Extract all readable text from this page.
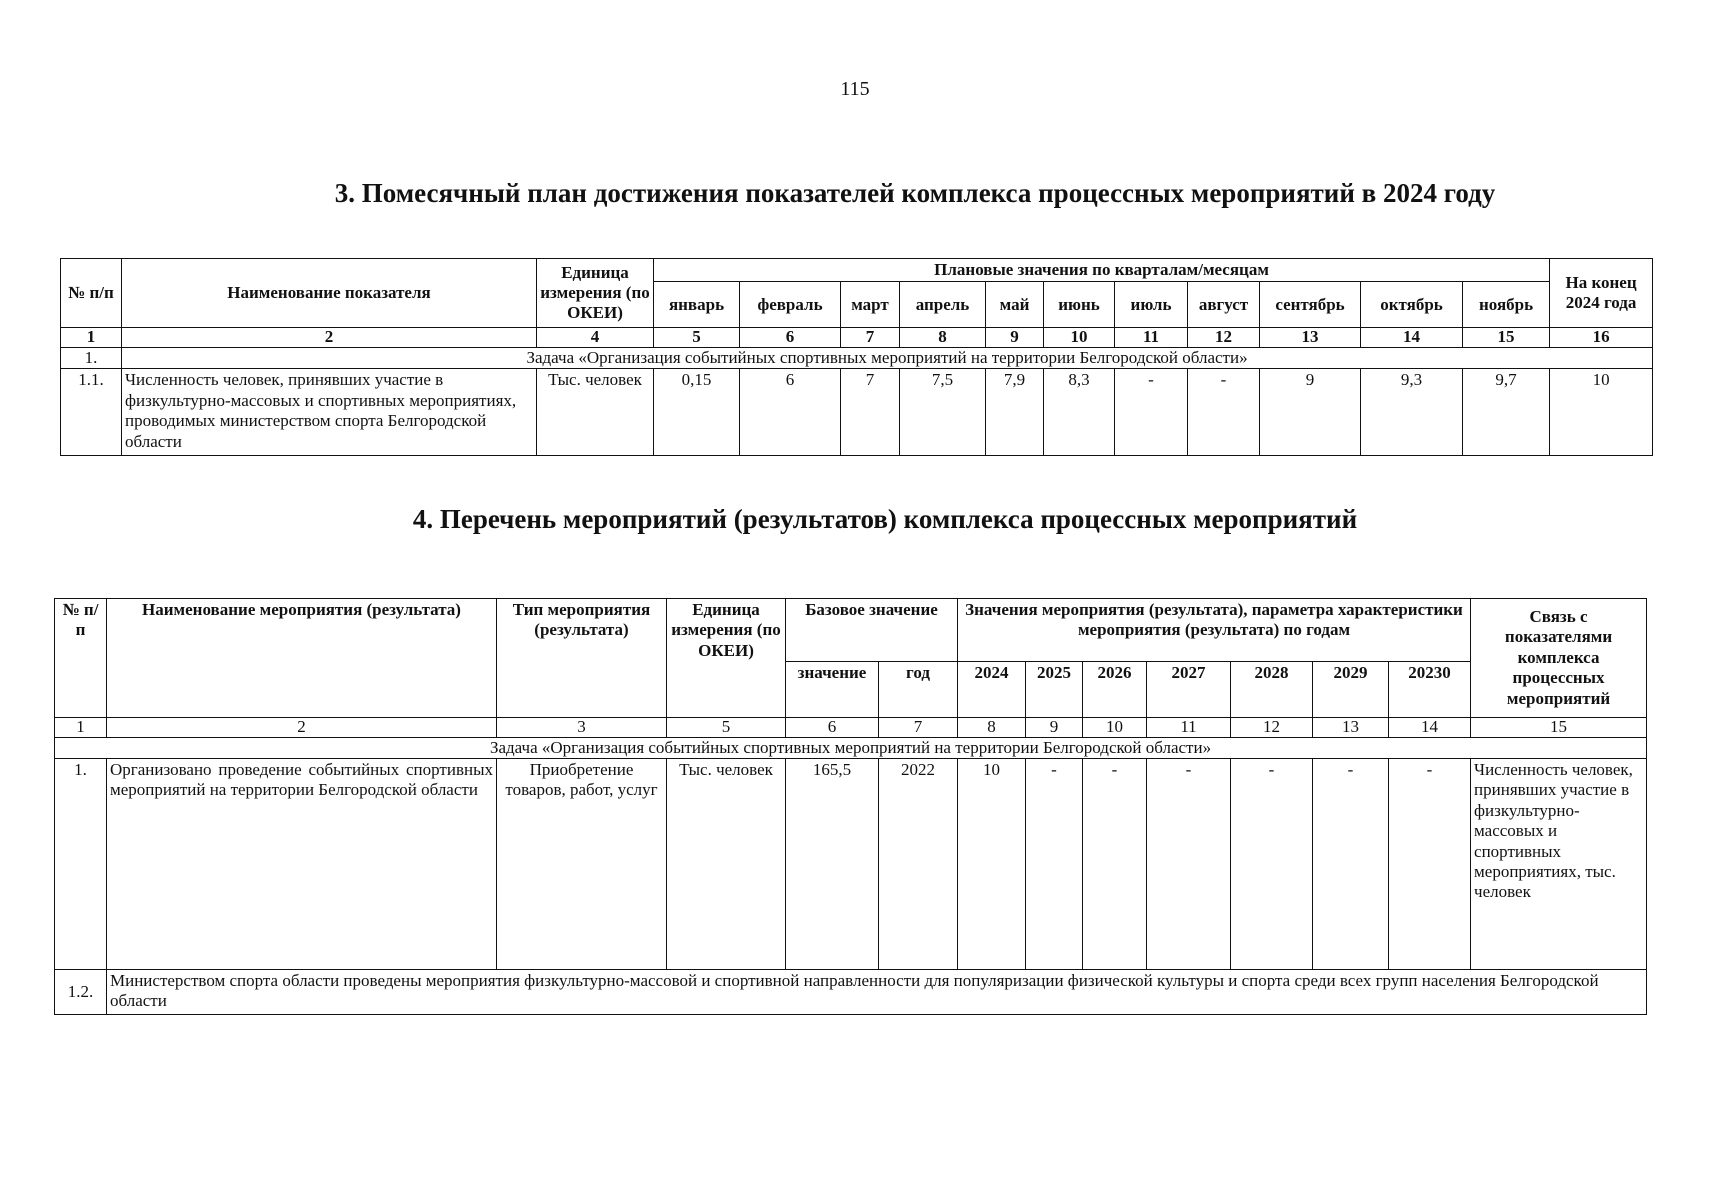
115
3. Помесячный план достижения показателей комплекса процессных мероприятий в 2024 году
№ п/п	Наименование показателя	Единица измерения (по ОКЕИ)	Плановые значения по кварталам/месяцам											На конец 2024 года
			январь	февраль	март	апрель	май	июнь	июль	август	сентябрь	октябрь	ноябрь	
1	2	4	5	6	7	8	9	10	11	12	13	14	15	16
1.	Задача «Организация событийных спортивных мероприятий на территории Белгородской области»													
1.1.	Численность человек, принявших участие в физкультурно-массовых и спортивных мероприятиях, проводимых министерством спорта Белгородской области	Тыс. человек	0,15	6	7	7,5	7,9	8,3	-	-	9	9,3	9,7	10
4. Перечень мероприятий (результатов) комплекса процессных мероприятий
№ п/п	Наименование мероприятия (результата)	Тип мероприятия (результата)	Единица измерения (по ОКЕИ)	Базовое значение		Значения мероприятия (результата), параметра характеристики мероприятия (результата) по годам							Связь с показателями комплекса процессных мероприятий
				значение	год	2024	2025	2026	2027	2028	2029	20230	
1	2	3	5	6	7	8	9	10	11	12	13	14	15
Задача «Организация событийных спортивных мероприятий на территории Белгородской области»													
1.	Организовано проведение событийных спортивных мероприятий на территории Белгородской области	Приобретение товаров, работ, услуг	Тыс. человек	165,5	2022	10	-	-	-	-	-	-	Численность человек, принявших участие в физкультурно-массовых и спортивных мероприятиях, тыс. человек
1.2.	Министерством спорта области проведены мероприятия физкультурно-массовой и спортивной направленности для популяризации физической культуры и спорта среди всех групп населения Белгородской области												
